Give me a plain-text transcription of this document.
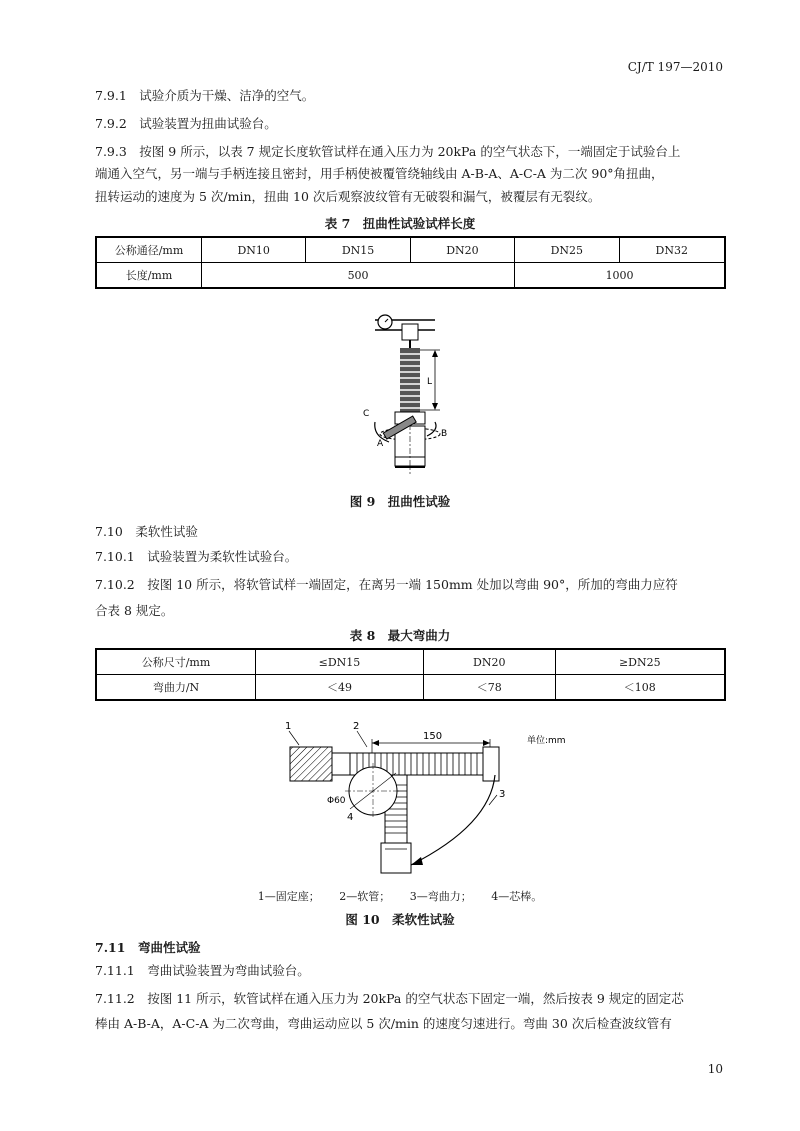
CJ/T 197—2010
7.9.1　试验介质为干燥、洁净的空气。
7.9.2　试验装置为扭曲试验台。
7.9.3　按图 9 所示，以表 7 规定长度软管试样在通入压力为 20kPa 的空气状态下，一端固定于试验台上
端通入空气，另一端与手柄连接且密封，用手柄使被覆管绕轴线由 A-B-A、A-C-A 为二次 90°角扭曲，
扭转运动的速度为 5 次/min，扭曲 10 次后观察波纹管有无破裂和漏气，被覆层有无裂纹。
表 7　扭曲性试验试样长度
公称通径/mm	DN10	DN15	DN20	DN25	DN32
长度/mm	500			1000	
L
C
A
B
图 9　扭曲性试验
7.10　柔软性试验
7.10.1　试验装置为柔软性试验台。
7.10.2　按图 10 所示，将软管试样一端固定，在离另一端 150mm 处加以弯曲 90°，所加的弯曲力应符
合表 8 规定。
表 8　最大弯曲力
公称尺寸/mm	≤DN15	DN20	≥DN25
弯曲力/N	＜49	＜78	＜108
1	2
单位:mm
150
Φ60
4
3
1—固定座； 2—软管； 3—弯曲力； 4—芯棒。
图 10　柔软性试验
7.11　弯曲性试验
7.11.1　弯曲试验装置为弯曲试验台。
7.11.2　按图 11 所示，软管试样在通入压力为 20kPa 的空气状态下固定一端，然后按表 9 规定的固定芯
棒由 A-B-A，A-C-A 为二次弯曲，弯曲运动应以 5 次/min 的速度匀速进行。弯曲 30 次后检查波纹管有
10
